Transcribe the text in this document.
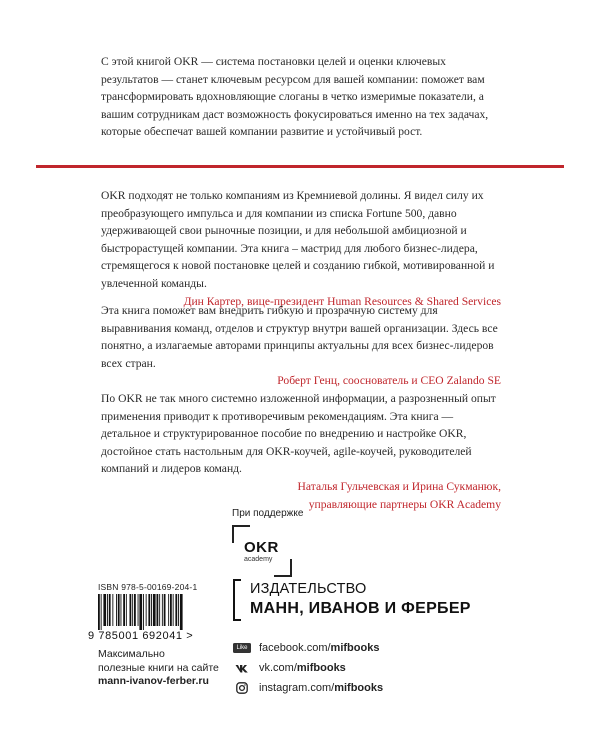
С этой книгой OKR — система постановки целей и оценки ключевых результатов — станет ключевым ресурсом для вашей компании: поможет вам трансформировать вдохновляющие слоганы в четко измеримые показатели, а вашим сотрудникам даст возможность фокусироваться именно на тех задачах, которые обеспечат вашей компании развитие и устойчивый рост.

OKR подходят не только компаниям из Кремниевой долины. Я видел силу их преобразующего импульса и для компании из списка Fortune 500, давно удерживающей свои рыночные позиции, и для небольшой амбициозной и быстрорастущей компании. Эта книга – мастрид для любого бизнес-лидера, стремящегося к новой постановке целей и созданию гибкой, мотивированной и увлеченной команды.
Дин Картер, вице-президент Human Resources & Shared Services
Эта книга поможет вам внедрить гибкую и прозрачную систему для выравнивания команд, отделов и структур внутри вашей организации. Здесь все понятно, а излагаемые авторами принципы актуальны для всех бизнес-лидеров всех стран.
Роберт Генц, сооснователь и CEO Zalando SE
По OKR не так много системно изложенной информации, а разрозненный опыт применения приводит к противоречивым рекомендациям. Эта книга — детальное и структурированное пособие по внедрению и настройке OKR, достойное стать настольным для OKR-коучей, agile-коучей, руководителей компаний и лидеров команд.
Наталья Гульчевская и Ирина Сукманюк,
управляющие партнеры OKR Academy
При поддержке
OKR
academy
ISBN 978-5-00169-204-1
9 785001 692041 >
Максимально
полезные книги на сайте
mann-ivanov-ferber.ru
ИЗДАТЕЛЬСТВО
МАНН, ИВАНОВ И ФЕРБЕР
Like	facebook.com/ mifbooks
vk.com/ mifbooks
instagram.com/ mifbooks
